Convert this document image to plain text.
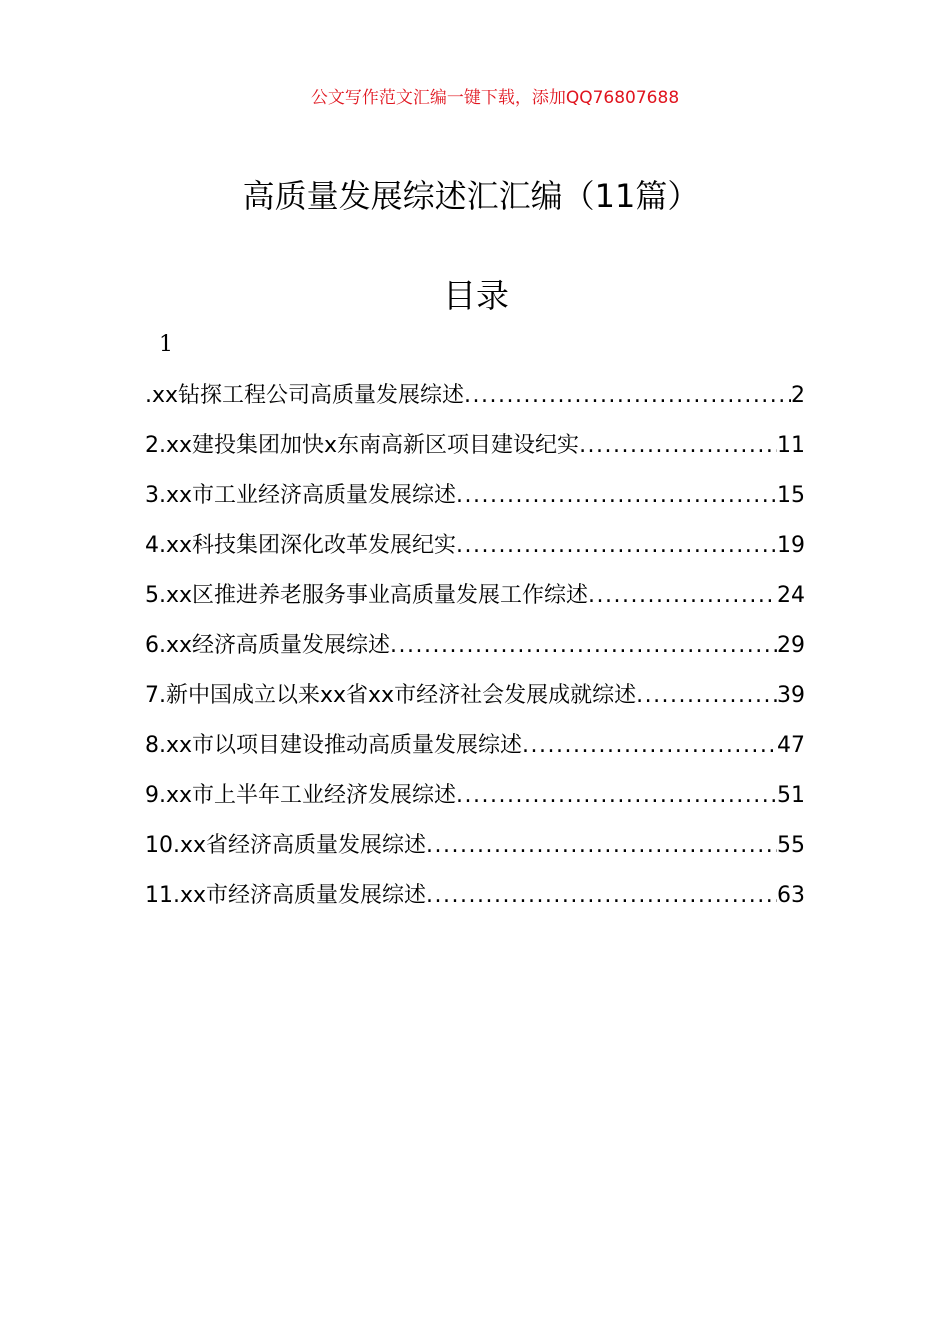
公文写作范文汇编一键下载，添加QQ76807688
高质量发展综述汇汇编（11篇）
目录
1
.xx钻探工程公司高质量发展综述 .....	2
2.xx建投集团加快x东南高新区项目建设纪实 .....	11
3.xx市工业经济高质量发展综述 .....	15
4.xx科技集团深化改革发展纪实 .....	19
5.xx区推进养老服务事业高质量发展工作综述 .....	24
6.xx经济高质量发展综述 .....	29
7.新中国成立以来xx省xx市经济社会发展成就综述 .....	39
8.xx市以项目建设推动高质量发展综述 .....	47
9.xx市上半年工业经济发展综述 .....	51
10.xx省经济高质量发展综述 .....	55
11.xx市经济高质量发展综述 .....	63
